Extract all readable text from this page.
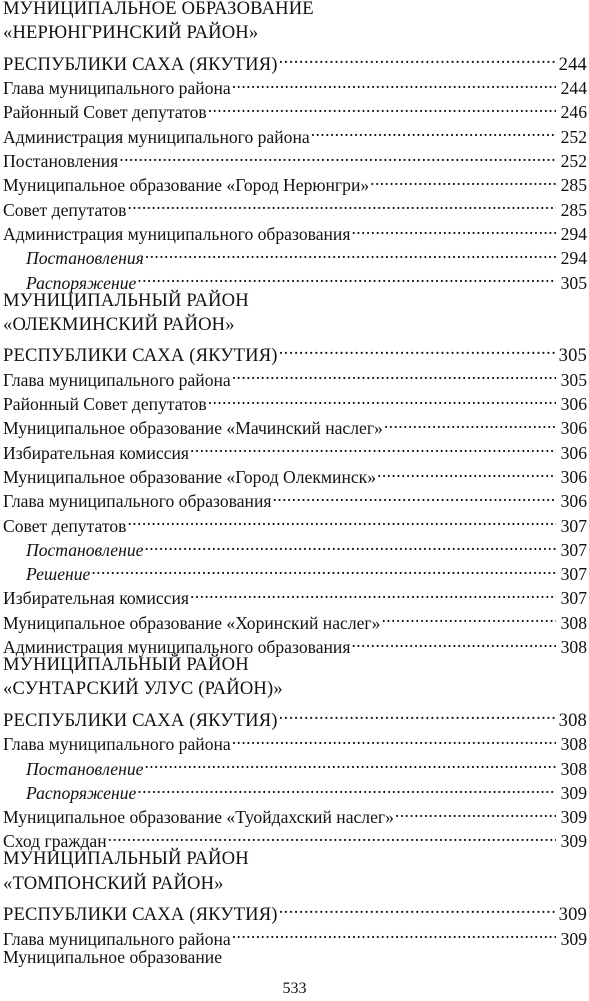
МУНИЦИПАЛЬНОЕ ОБРАЗОВАНИЕ
«НЕРЮНГРИНСКИЙ РАЙОН»
РЕСПУБЛИКИ САХА (ЯКУТИЯ) .....	244
Глава муниципального района .....	244
Районный Совет депутатов .....	246
Администрация муниципального района .....	252
Постановления .....	252
Муниципальное образование «Город Нерюнгри» .....	285
Совет депутатов .....	285
Администрация муниципального образования .....	294
Постановления .....	294
Распоряжение .....	305
МУНИЦИПАЛЬНЫЙ РАЙОН
«ОЛЕКМИНСКИЙ РАЙОН»
РЕСПУБЛИКИ САХА (ЯКУТИЯ) .....	305
Глава муниципального района .....	305
Районный Совет депутатов .....	306
Муниципальное образование «Мачинский наслег» .....	306
Избирательная комиссия .....	306
Муниципальное образование «Город Олекминск» .....	306
Глава муниципального образования .....	306
Совет депутатов .....	307
Постановление .....	307
Решение .....	307
Избирательная комиссия .....	307
Муниципальное образование «Хоринский наслег» .....	308
Администрация муниципального образования .....	308
МУНИЦИПАЛЬНЫЙ РАЙОН
«СУНТАРСКИЙ УЛУС (РАЙОН)»
РЕСПУБЛИКИ САХА (ЯКУТИЯ) .....	308
Глава муниципального района .....	308
Постановление .....	308
Распоряжение .....	309
Муниципальное образование «Туойдахский наслег» .....	309
Сход граждан .....	309
МУНИЦИПАЛЬНЫЙ РАЙОН
«ТОМПОНСКИЙ РАЙОН»
РЕСПУБЛИКИ САХА (ЯКУТИЯ) .....	309
Глава муниципального района .....	309
Муниципальное образование
533
